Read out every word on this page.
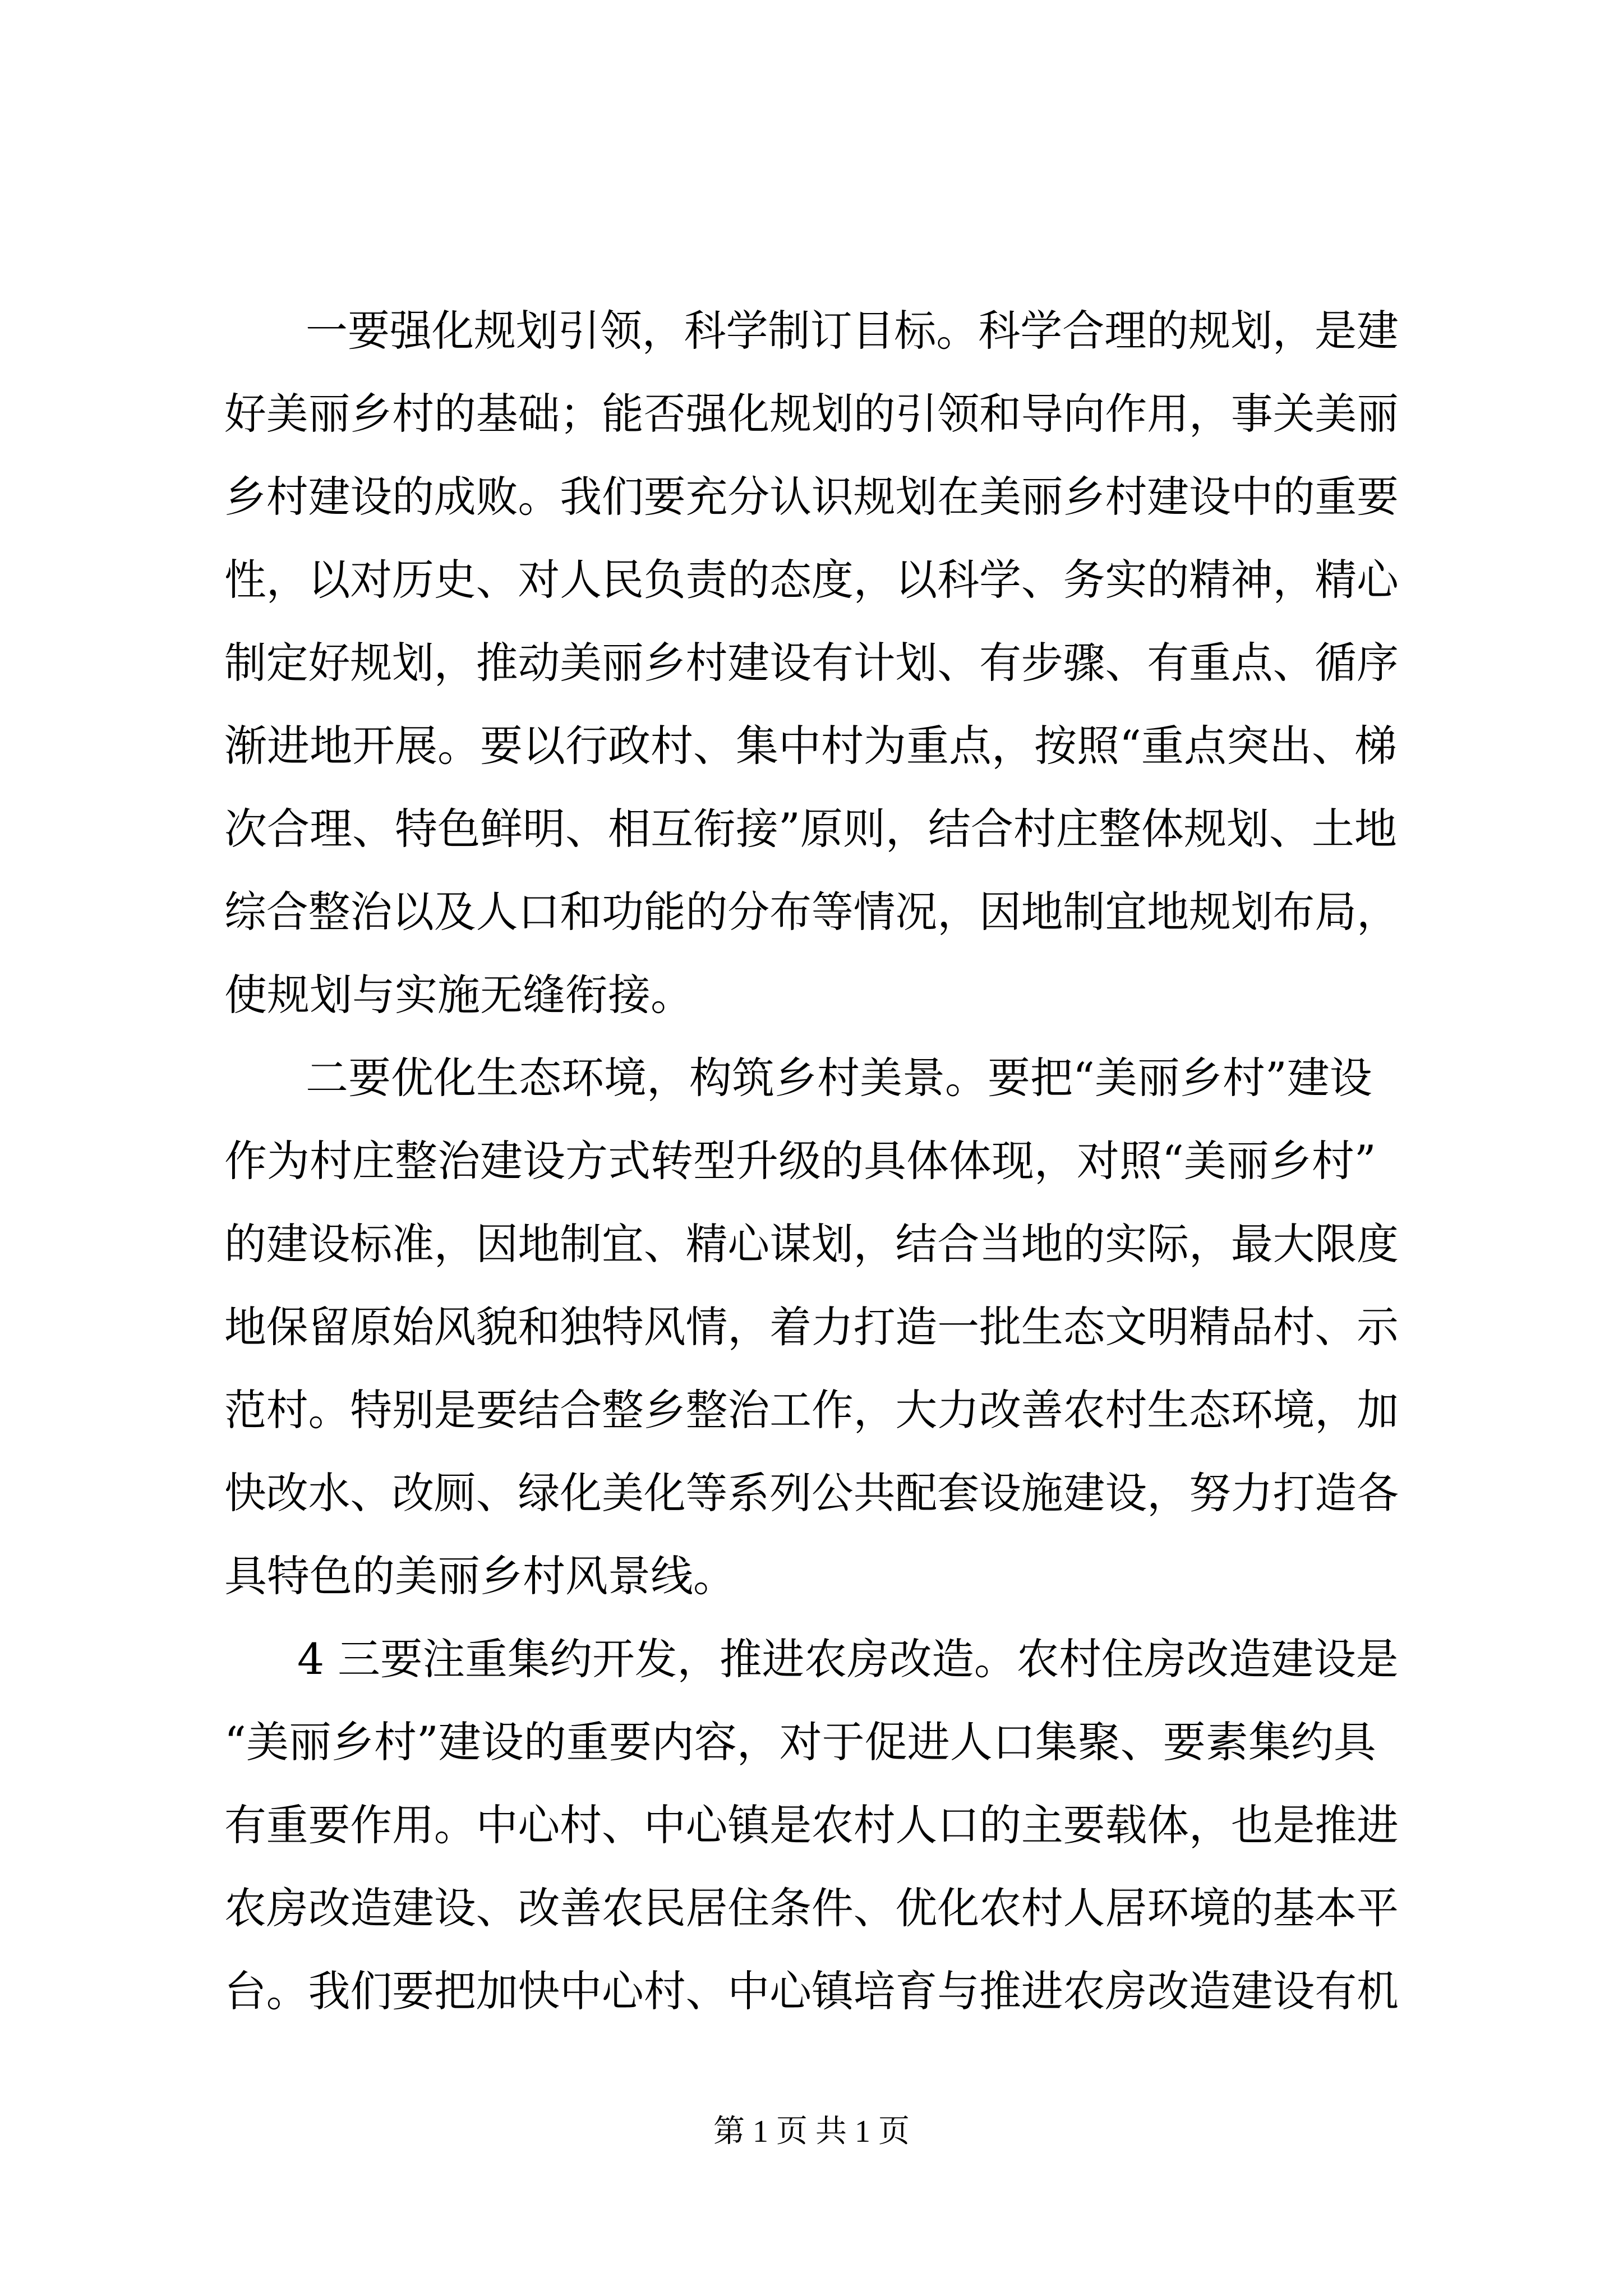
一要强化规划引领，科学制订目标。科学合理的规划，是建
好美丽乡村的基础；能否强化规划的引领和导向作用，事关美丽
乡村建设的成败。我们要充分认识规划在美丽乡村建设中的重要
性，以对历史、对人民负责的态度，以科学、务实的精神，精心
制定好规划，推动美丽乡村建设有计划、有步骤、有重点、循序
渐进地开展。要以行政村、集中村为重点，按照“重点突出、梯
次合理、特色鲜明、相互衔接”原则，结合村庄整体规划、土地
综合整治以及人口和功能的分布等情况，因地制宜地规划布局，
使规划与实施无缝衔接。
二要优化生态环境，构筑乡村美景。要把“美丽乡村”建设
作为村庄整治建设方式转型升级的具体体现，对照“美丽乡村”
的建设标准，因地制宜、精心谋划，结合当地的实际，最大限度
地保留原始风貌和独特风情，着力打造一批生态文明精品村、示
范村。特别是要结合整乡整治工作，大力改善农村生态环境，加
快改水、改厕、绿化美化等系列公共配套设施建设，努力打造各
具特色的美丽乡村风景线。
4 三要注重集约开发，推进农房改造。农村住房改造建设是
“美丽乡村”建设的重要内容，对于促进人口集聚、要素集约具
有重要作用。中心村、中心镇是农村人口的主要载体，也是推进
农房改造建设、改善农民居住条件、优化农村人居环境的基本平
台。我们要把加快中心村、中心镇培育与推进农房改造建设有机
第 1 页 共 1 页
